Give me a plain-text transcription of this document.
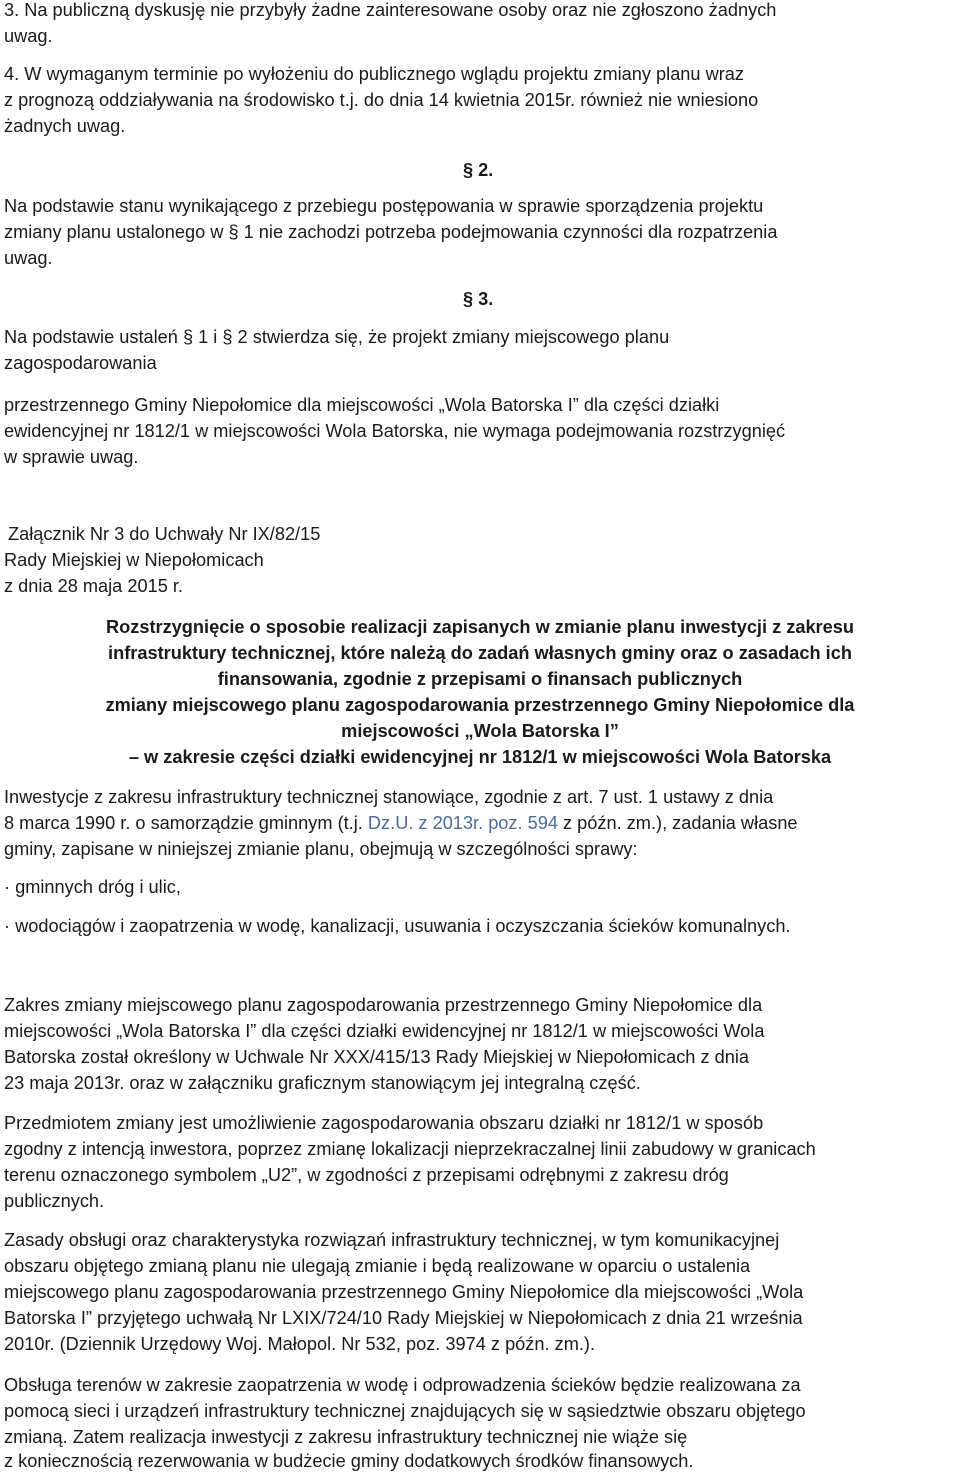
3. Na publiczną dyskusję nie przybyły żadne zainteresowane osoby oraz nie zgłoszono żadnych
uwag.
4. W wymaganym terminie po wyłożeniu do publicznego wglądu projektu zmiany planu wraz
z prognozą oddziaływania na środowisko t.j. do dnia 14 kwietnia 2015r. również nie wniesiono
żadnych uwag.
§ 2.
Na podstawie stanu wynikającego z przebiegu postępowania w sprawie sporządzenia projektu
zmiany planu ustalonego w § 1 nie zachodzi potrzeba podejmowania czynności dla rozpatrzenia
uwag.
§ 3.
Na podstawie ustaleń § 1 i § 2 stwierdza się, że projekt zmiany miejscowego planu
zagospodarowania
przestrzennego Gminy Niepołomice dla miejscowości „Wola Batorska I” dla części działki
ewidencyjnej nr 1812/1 w miejscowości Wola Batorska, nie wymaga podejmowania rozstrzygnięć
w sprawie uwag.
Załącznik Nr 3 do Uchwały Nr IX/82/15
Rady Miejskiej w Niepołomicach
z dnia 28 maja 2015 r.
Rozstrzygnięcie o sposobie realizacji zapisanych w zmianie planu inwestycji z zakresu
infrastruktury technicznej, które należą do zadań własnych gminy oraz o zasadach ich
finansowania, zgodnie z przepisami o finansach publicznych
zmiany miejscowego planu zagospodarowania przestrzennego Gminy Niepołomice dla
miejscowości „Wola Batorska I”
– w zakresie części działki ewidencyjnej nr 1812/1 w miejscowości Wola Batorska
Inwestycje z zakresu infrastruktury technicznej stanowiące, zgodnie z art. 7 ust. 1 ustawy z dnia
8 marca 1990 r. o samorządzie gminnym (t.j. Dz.U. z 2013r. poz. 594 z późn. zm.), zadania własne
gminy, zapisane w niniejszej zmianie planu, obejmują w szczególności sprawy:
· gminnych dróg i ulic,
· wodociągów i zaopatrzenia w wodę, kanalizacji, usuwania i oczyszczania ścieków komunalnych.
Zakres zmiany miejscowego planu zagospodarowania przestrzennego Gminy Niepołomice dla
miejscowości „Wola Batorska I” dla części działki ewidencyjnej nr 1812/1 w miejscowości Wola
Batorska został określony w Uchwale Nr XXX/415/13 Rady Miejskiej w Niepołomicach z dnia
23 maja 2013r. oraz w załączniku graficznym stanowiącym jej integralną część.
Przedmiotem zmiany jest umożliwienie zagospodarowania obszaru działki nr 1812/1 w sposób
zgodny z intencją inwestora, poprzez zmianę lokalizacji nieprzekraczalnej linii zabudowy w granicach
terenu oznaczonego symbolem „U2”, w zgodności z przepisami odrębnymi z zakresu dróg
publicznych.
Zasady obsługi oraz charakterystyka rozwiązań infrastruktury technicznej, w tym komunikacyjnej
obszaru objętego zmianą planu nie ulegają zmianie i będą realizowane w oparciu o ustalenia
miejscowego planu zagospodarowania przestrzennego Gminy Niepołomice dla miejscowości „Wola
Batorska I” przyjętego uchwałą Nr LXIX/724/10 Rady Miejskiej w Niepołomicach z dnia 21 września
2010r. (Dziennik Urzędowy Woj. Małopol. Nr 532, poz. 3974 z późn. zm.).
Obsługa terenów w zakresie zaopatrzenia w wodę i odprowadzenia ścieków będzie realizowana za
pomocą sieci i urządzeń infrastruktury technicznej znajdujących się w sąsiedztwie obszaru objętego
zmianą. Zatem realizacja inwestycji z zakresu infrastruktury technicznej nie wiąże się
z koniecznością rezerwowania w budżecie gminy dodatkowych środków finansowych.
